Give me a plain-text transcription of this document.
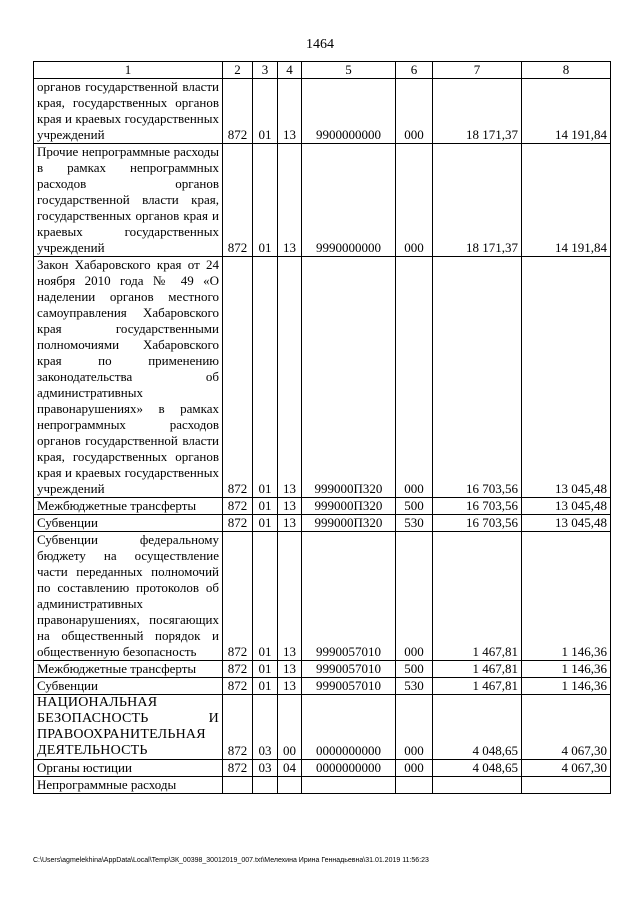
1464
1	2	3	4	5	6	7	8
органов государственной власти края, государственных органов края и краевых государственных учреждений	872	01	13	9900000000	000	18 171,37	14 191,84
Прочие непрограммные расходы в рамках непрограммных расходов органов государственной власти края, государственных органов края и краевых государственных учреждений	872	01	13	9990000000	000	18 171,37	14 191,84
Закон Хабаровского края от 24 ноября 2010 года № 49 «О наделении органов местного самоуправления Хабаровского края государственными полномочиями Хабаровского края по применению законодательства об административных правонарушениях» в рамках непрограммных расходов органов государственной власти края, государственных органов края и краевых государственных учреждений	872	01	13	999000П320	000	16 703,56	13 045,48
Межбюджетные трансферты	872	01	13	999000П320	500	16 703,56	13 045,48
Субвенции	872	01	13	999000П320	530	16 703,56	13 045,48
Субвенции федеральному бюджету на осуществление части переданных полномочий по составлению протоколов об административных правонарушениях, посягающих на общественный порядок и общественную безопасность	872	01	13	9990057010	000	1 467,81	1 146,36
Межбюджетные трансферты	872	01	13	9990057010	500	1 467,81	1 146,36
Субвенции	872	01	13	9990057010	530	1 467,81	1 146,36
НАЦИОНАЛЬНАЯ БЕЗОПАСНОСТЬ И ПРАВООХРАНИТЕЛЬНАЯ ДЕЯТЕЛЬНОСТЬ	872	03	00	0000000000	000	4 048,65	4 067,30
Органы юстиции	872	03	04	0000000000	000	4 048,65	4 067,30
Непрограммные расходы							
C:\Users\agmelekhina\AppData\Local\Temp\ЗК_00398_30012019_007.txt\Мелехина Ирина Геннадьевна\31.01.2019 11:56:23
